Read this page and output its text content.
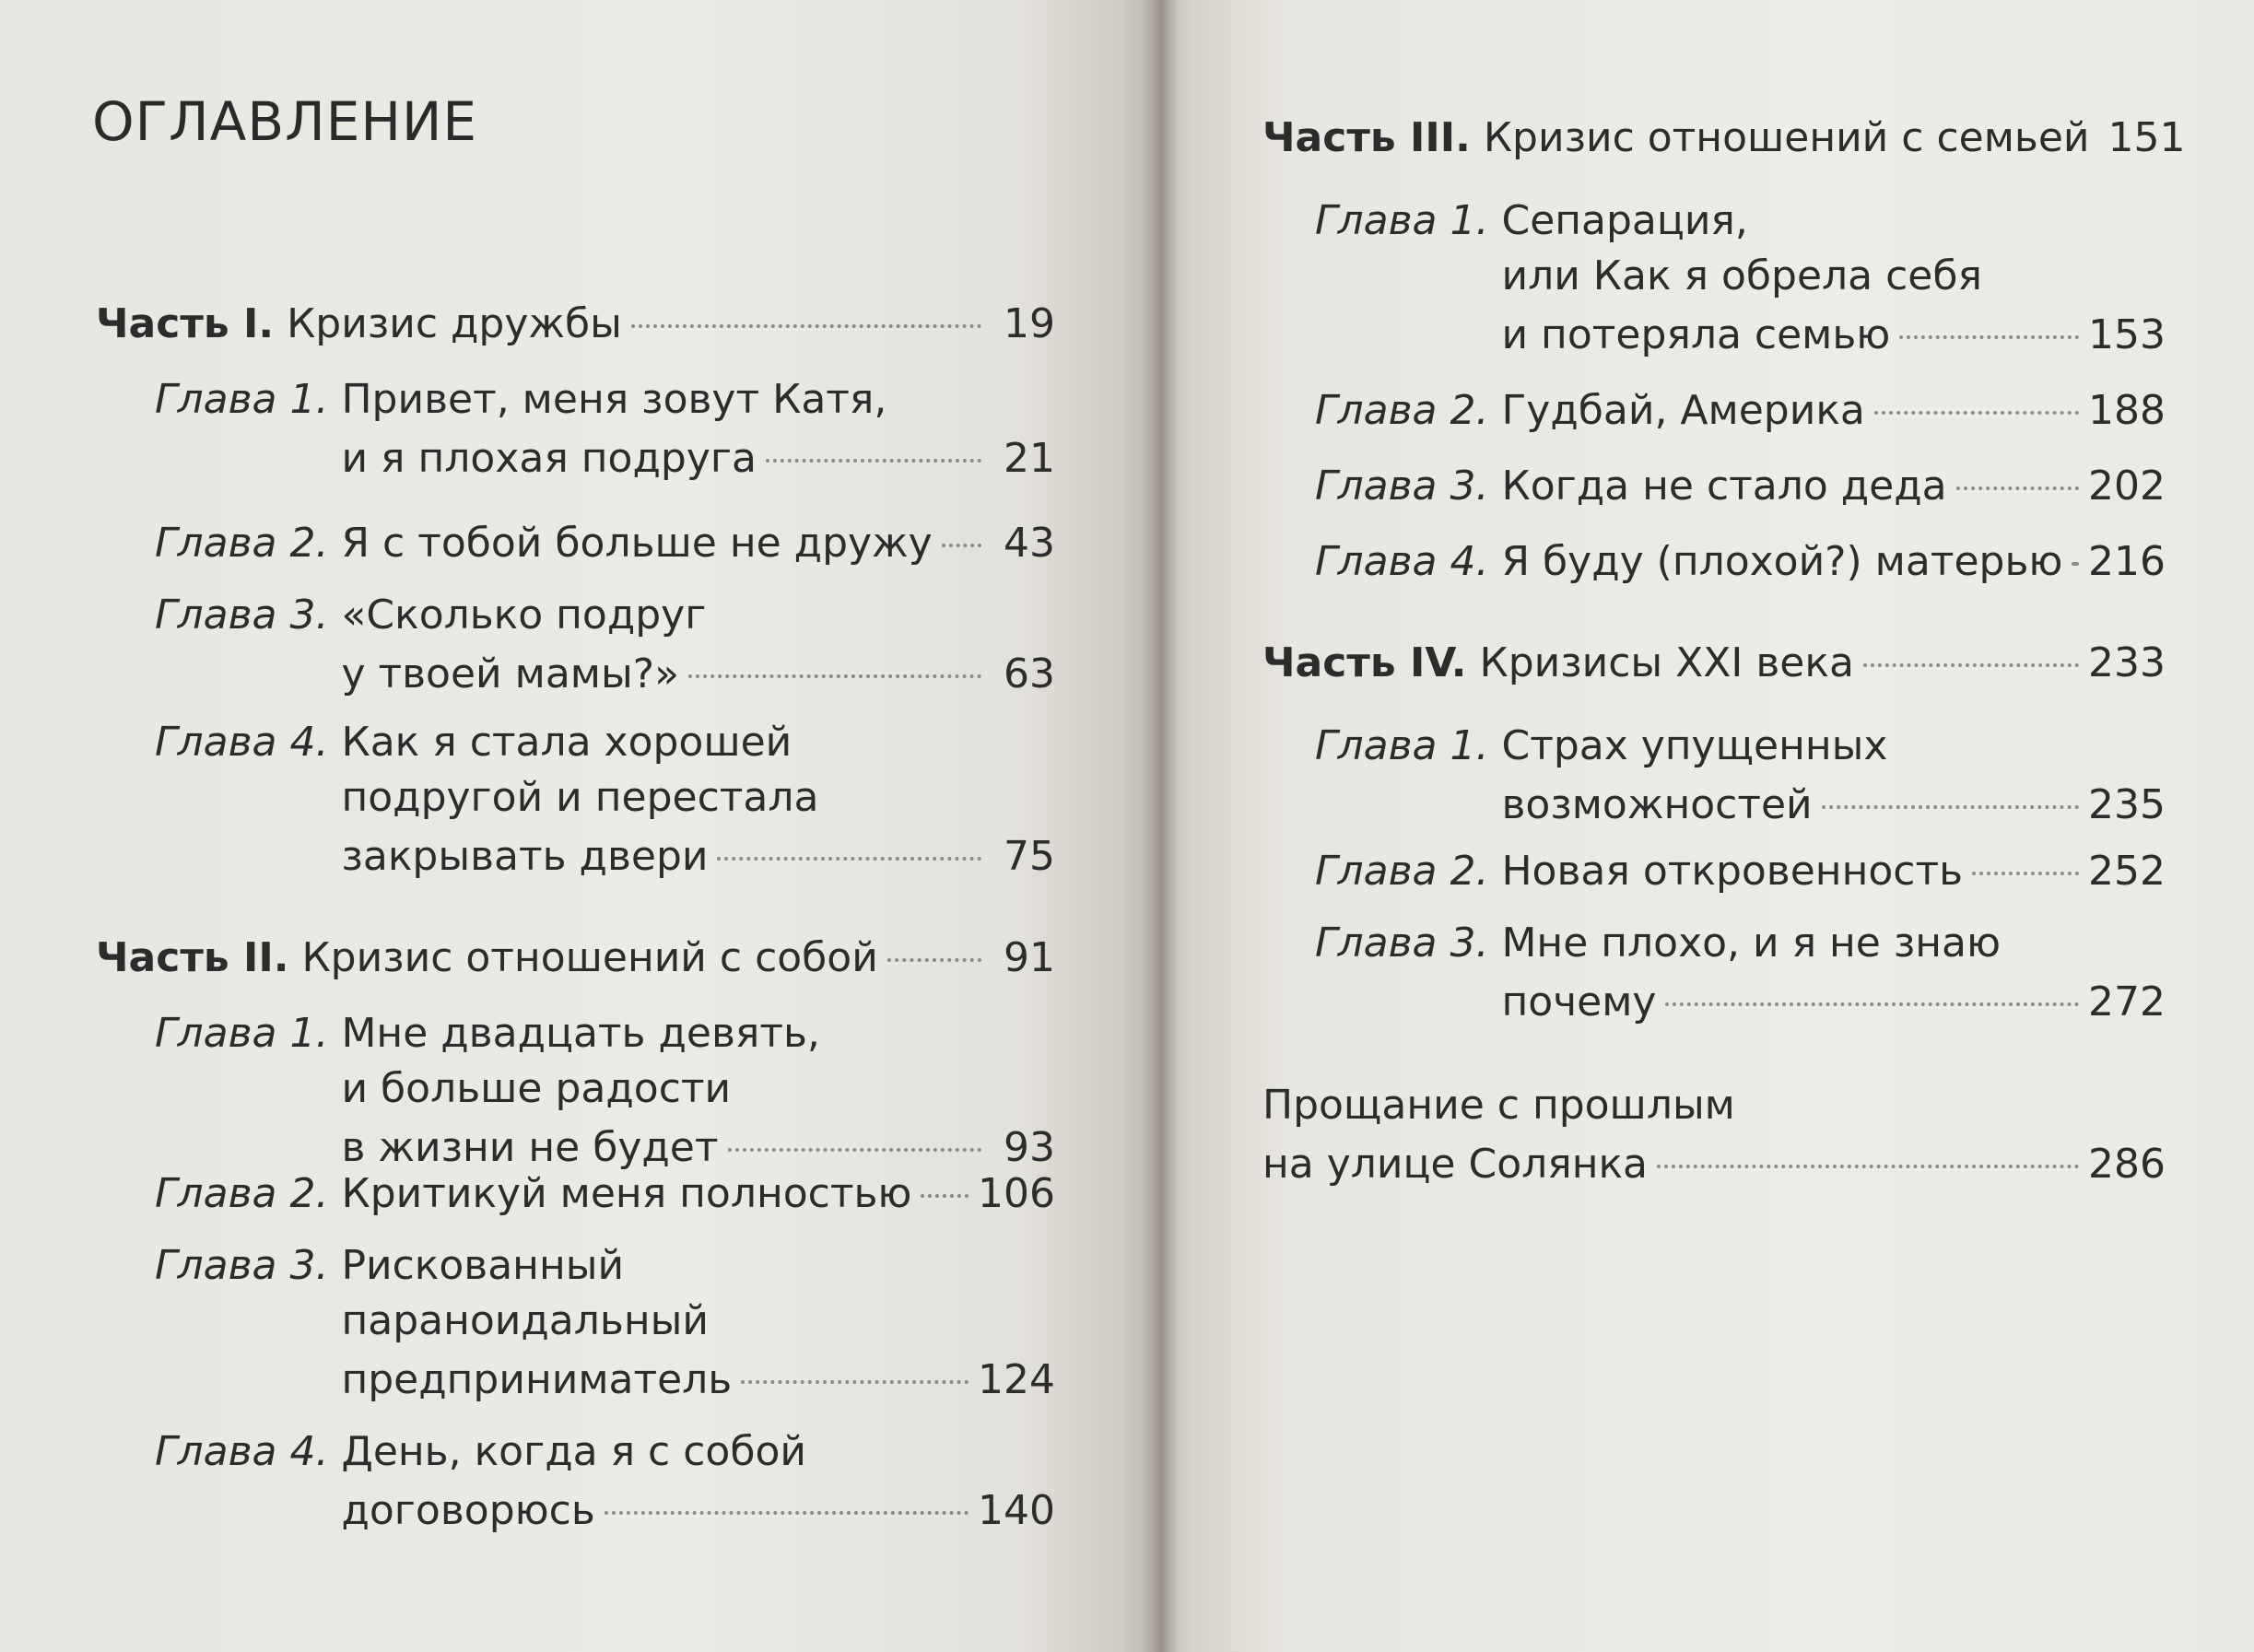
ОГЛАВЛЕНИЕ
Часть I. Кризис дружбы	19
Глава 1. Привет, меня зовут Катя,
и я плохая подруга	21
Глава 2. Я с тобой больше не дружу	43
Глава 3. «Сколько подруг
у твоей мамы?»	63
Глава 4. Как я стала хорошей
подругой и перестала
закрывать двери	75
Часть II. Кризис отношений с собой	91
Глава 1. Мне двадцать девять,
и больше радости
в жизни не будет	93
Глава 2. Критикуй меня полностью 106
Глава 3. Рискованный
параноидальный
предприниматель	124
Глава 4. День, когда я с собой
договорюсь	140
Часть III. Кризис отношений с семьей 151
Глава 1. Сепарация,
или Как я обрела себя
и потеряла семью	153
Глава 2. Гудбай, Америка	188
Глава 3. Когда не стало деда	202
Глава 4. Я буду (плохой?) матерью 216
Часть IV. Кризисы XXI века	233
Глава 1. Страх упущенных
возможностей	235
Глава 2. Новая откровенность	252
Глава 3. Мне плохо, и я не знаю
почему	272
Прощание с прошлым
на улице Солянка	286
